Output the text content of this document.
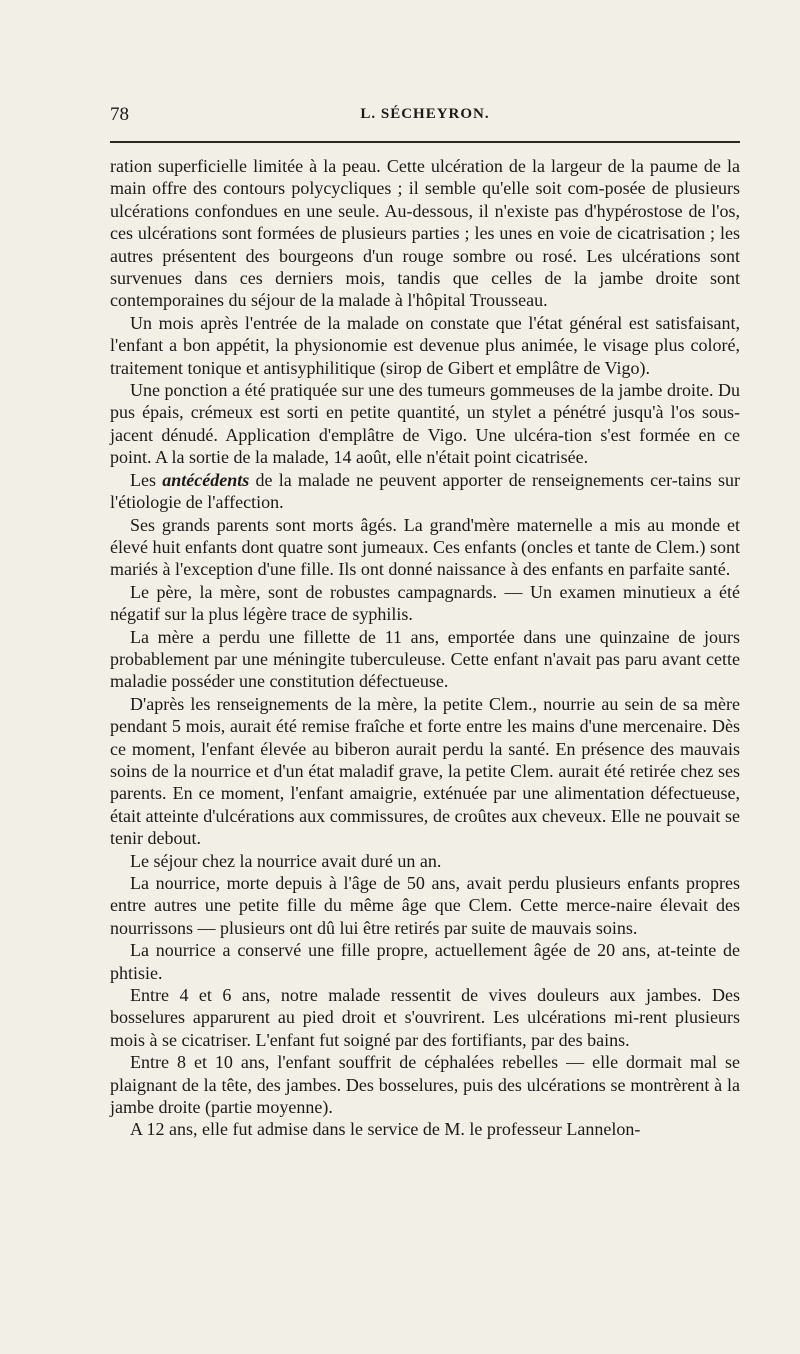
78	L. SÉCHEYRON.

ration superficielle limitée à la peau. Cette ulcération de la largeur de la paume de la main offre des contours polycycliques ; il semble qu'elle soit com-posée de plusieurs ulcérations confondues en une seule. Au-dessous, il n'existe pas d'hypérostose de l'os, ces ulcérations sont formées de plusieurs parties ; les unes en voie de cicatrisation ; les autres présentent des bourgeons d'un rouge sombre ou rosé. Les ulcérations sont survenues dans ces derniers mois, tandis que celles de la jambe droite sont contemporaines du séjour de la malade à l'hôpital Trousseau.

Un mois après l'entrée de la malade on constate que l'état général est satisfaisant, l'enfant a bon appétit, la physionomie est devenue plus animée, le visage plus coloré, traitement tonique et antisyphilitique (sirop de Gibert et emplâtre de Vigo).

Une ponction a été pratiquée sur une des tumeurs gommeuses de la jambe droite. Du pus épais, crémeux est sorti en petite quantité, un stylet a pénétré jusqu'à l'os sous-jacent dénudé. Application d'emplâtre de Vigo. Une ulcéra-tion s'est formée en ce point. A la sortie de la malade, 14 août, elle n'était point cicatrisée.

Les antécédents de la malade ne peuvent apporter de renseignements cer-tains sur l'étiologie de l'affection.

Ses grands parents sont morts âgés. La grand'mère maternelle a mis au monde et élevé huit enfants dont quatre sont jumeaux. Ces enfants (oncles et tante de Clem.) sont mariés à l'exception d'une fille. Ils ont donné naissance à des enfants en parfaite santé.

Le père, la mère, sont de robustes campagnards. — Un examen minutieux a été négatif sur la plus légère trace de syphilis.

La mère a perdu une fillette de 11 ans, emportée dans une quinzaine de jours probablement par une méningite tuberculeuse. Cette enfant n'avait pas paru avant cette maladie posséder une constitution défectueuse.

D'après les renseignements de la mère, la petite Clem., nourrie au sein de sa mère pendant 5 mois, aurait été remise fraîche et forte entre les mains d'une mercenaire. Dès ce moment, l'enfant élevée au biberon aurait perdu la santé. En présence des mauvais soins de la nourrice et d'un état maladif grave, la petite Clem. aurait été retirée chez ses parents. En ce moment, l'enfant amaigrie, exténuée par une alimentation défectueuse, était atteinte d'ulcérations aux commissures, de croûtes aux cheveux. Elle ne pouvait se tenir debout.

Le séjour chez la nourrice avait duré un an.

La nourrice, morte depuis à l'âge de 50 ans, avait perdu plusieurs enfants propres entre autres une petite fille du même âge que Clem. Cette merce-naire élevait des nourrissons — plusieurs ont dû lui être retirés par suite de mauvais soins.

La nourrice a conservé une fille propre, actuellement âgée de 20 ans, at-teinte de phtisie.

Entre 4 et 6 ans, notre malade ressentit de vives douleurs aux jambes. Des bosselures apparurent au pied droit et s'ouvrirent. Les ulcérations mi-rent plusieurs mois à se cicatriser. L'enfant fut soigné par des fortifiants, par des bains.

Entre 8 et 10 ans, l'enfant souffrit de céphalées rebelles — elle dormait mal se plaignant de la tête, des jambes. Des bosselures, puis des ulcérations se montrèrent à la jambe droite (partie moyenne).

A 12 ans, elle fut admise dans le service de M. le professeur Lannelon-
